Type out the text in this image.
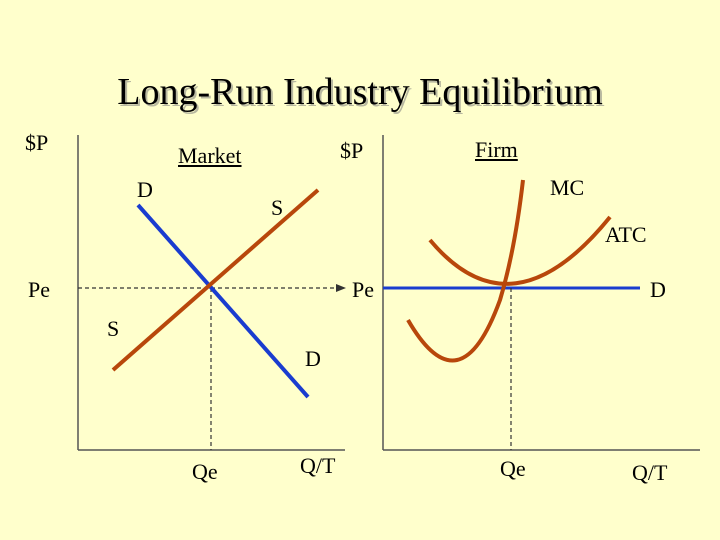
Long-Run Industry Equilibrium
$P
Market
D
S
Pe
S
D
Qe	Q/T
$P	Firm
MC
ATC
Pe	D
Qe	Q/T
